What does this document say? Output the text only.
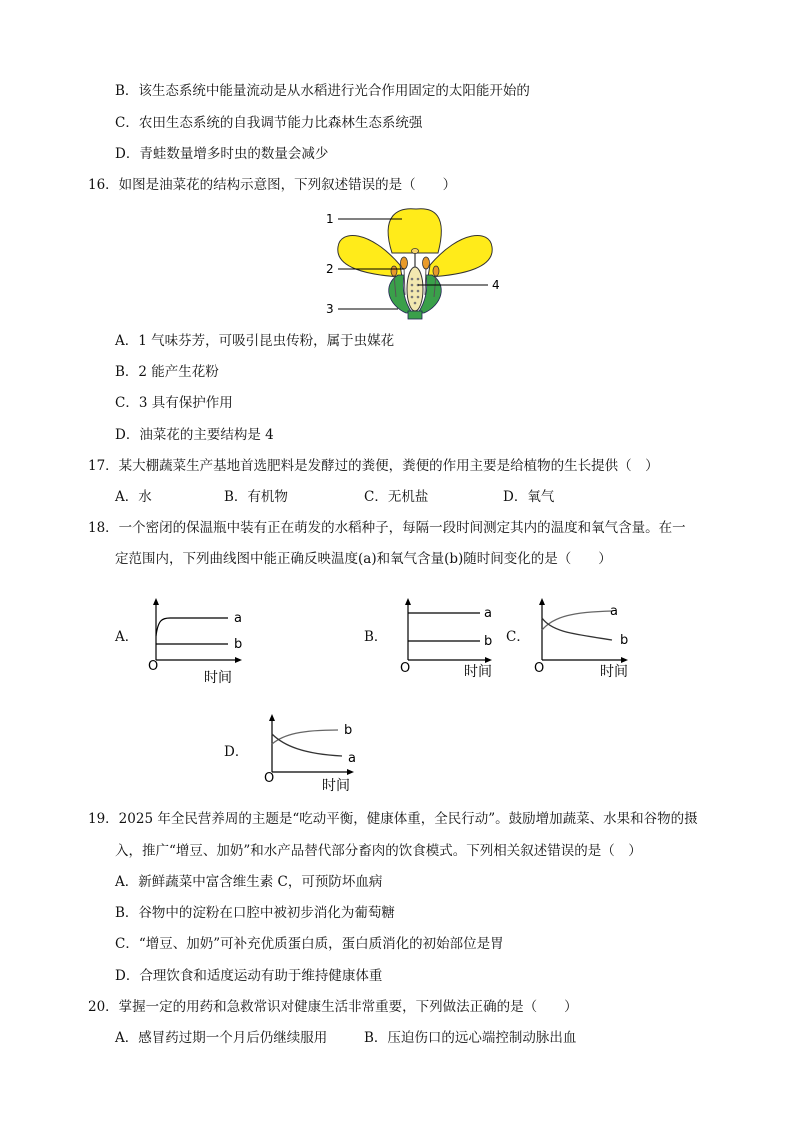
B．该生态系统中能量流动是从水稻进行光合作用固定的太阳能开始的
C．农田生态系统的自我调节能力比森林生态系统强
D．青蛙数量增多时虫的数量会减少
16．如图是油菜花的结构示意图，下列叙述错误的是（　　）
1
2
3
4
A．1 气味芬芳，可吸引昆虫传粉，属于虫媒花
B．2 能产生花粉
C．3 具有保护作用
D．油菜花的主要结构是 4
17．某大棚蔬菜生产基地首选肥料是发酵过的粪便，粪便的作用主要是给植物的生长提供（　）
A．水	B．有机物	C．无机盐	D．氧气
18．一个密闭的保温瓶中装有正在萌发的水稻种子，每隔一段时间测定其内的温度和氧气含量。在一
定范围内，下列曲线图中能正确反映温度(a)和氧气含量(b)随时间变化的是（　　）
A．	B．	C．
D．
a
b
O
时间
a
b
O	时间
a
b
O	时间
b
a
O	时间
19．2025 年全民营养周的主题是“吃动平衡，健康体重，全民行动”。鼓励增加蔬菜、水果和谷物的摄
入，推广“增豆、加奶”和水产品替代部分畜肉的饮食模式。下列相关叙述错误的是（　）
A．新鲜蔬菜中富含维生素 C，可预防坏血病
B．谷物中的淀粉在口腔中被初步消化为葡萄糖
C．“增豆、加奶”可补充优质蛋白质，蛋白质消化的初始部位是胃
D．合理饮食和适度运动有助于维持健康体重
20．掌握一定的用药和急救常识对健康生活非常重要，下列做法正确的是（　　）
A．感冒药过期一个月后仍继续服用	B．压迫伤口的远心端控制动脉出血
